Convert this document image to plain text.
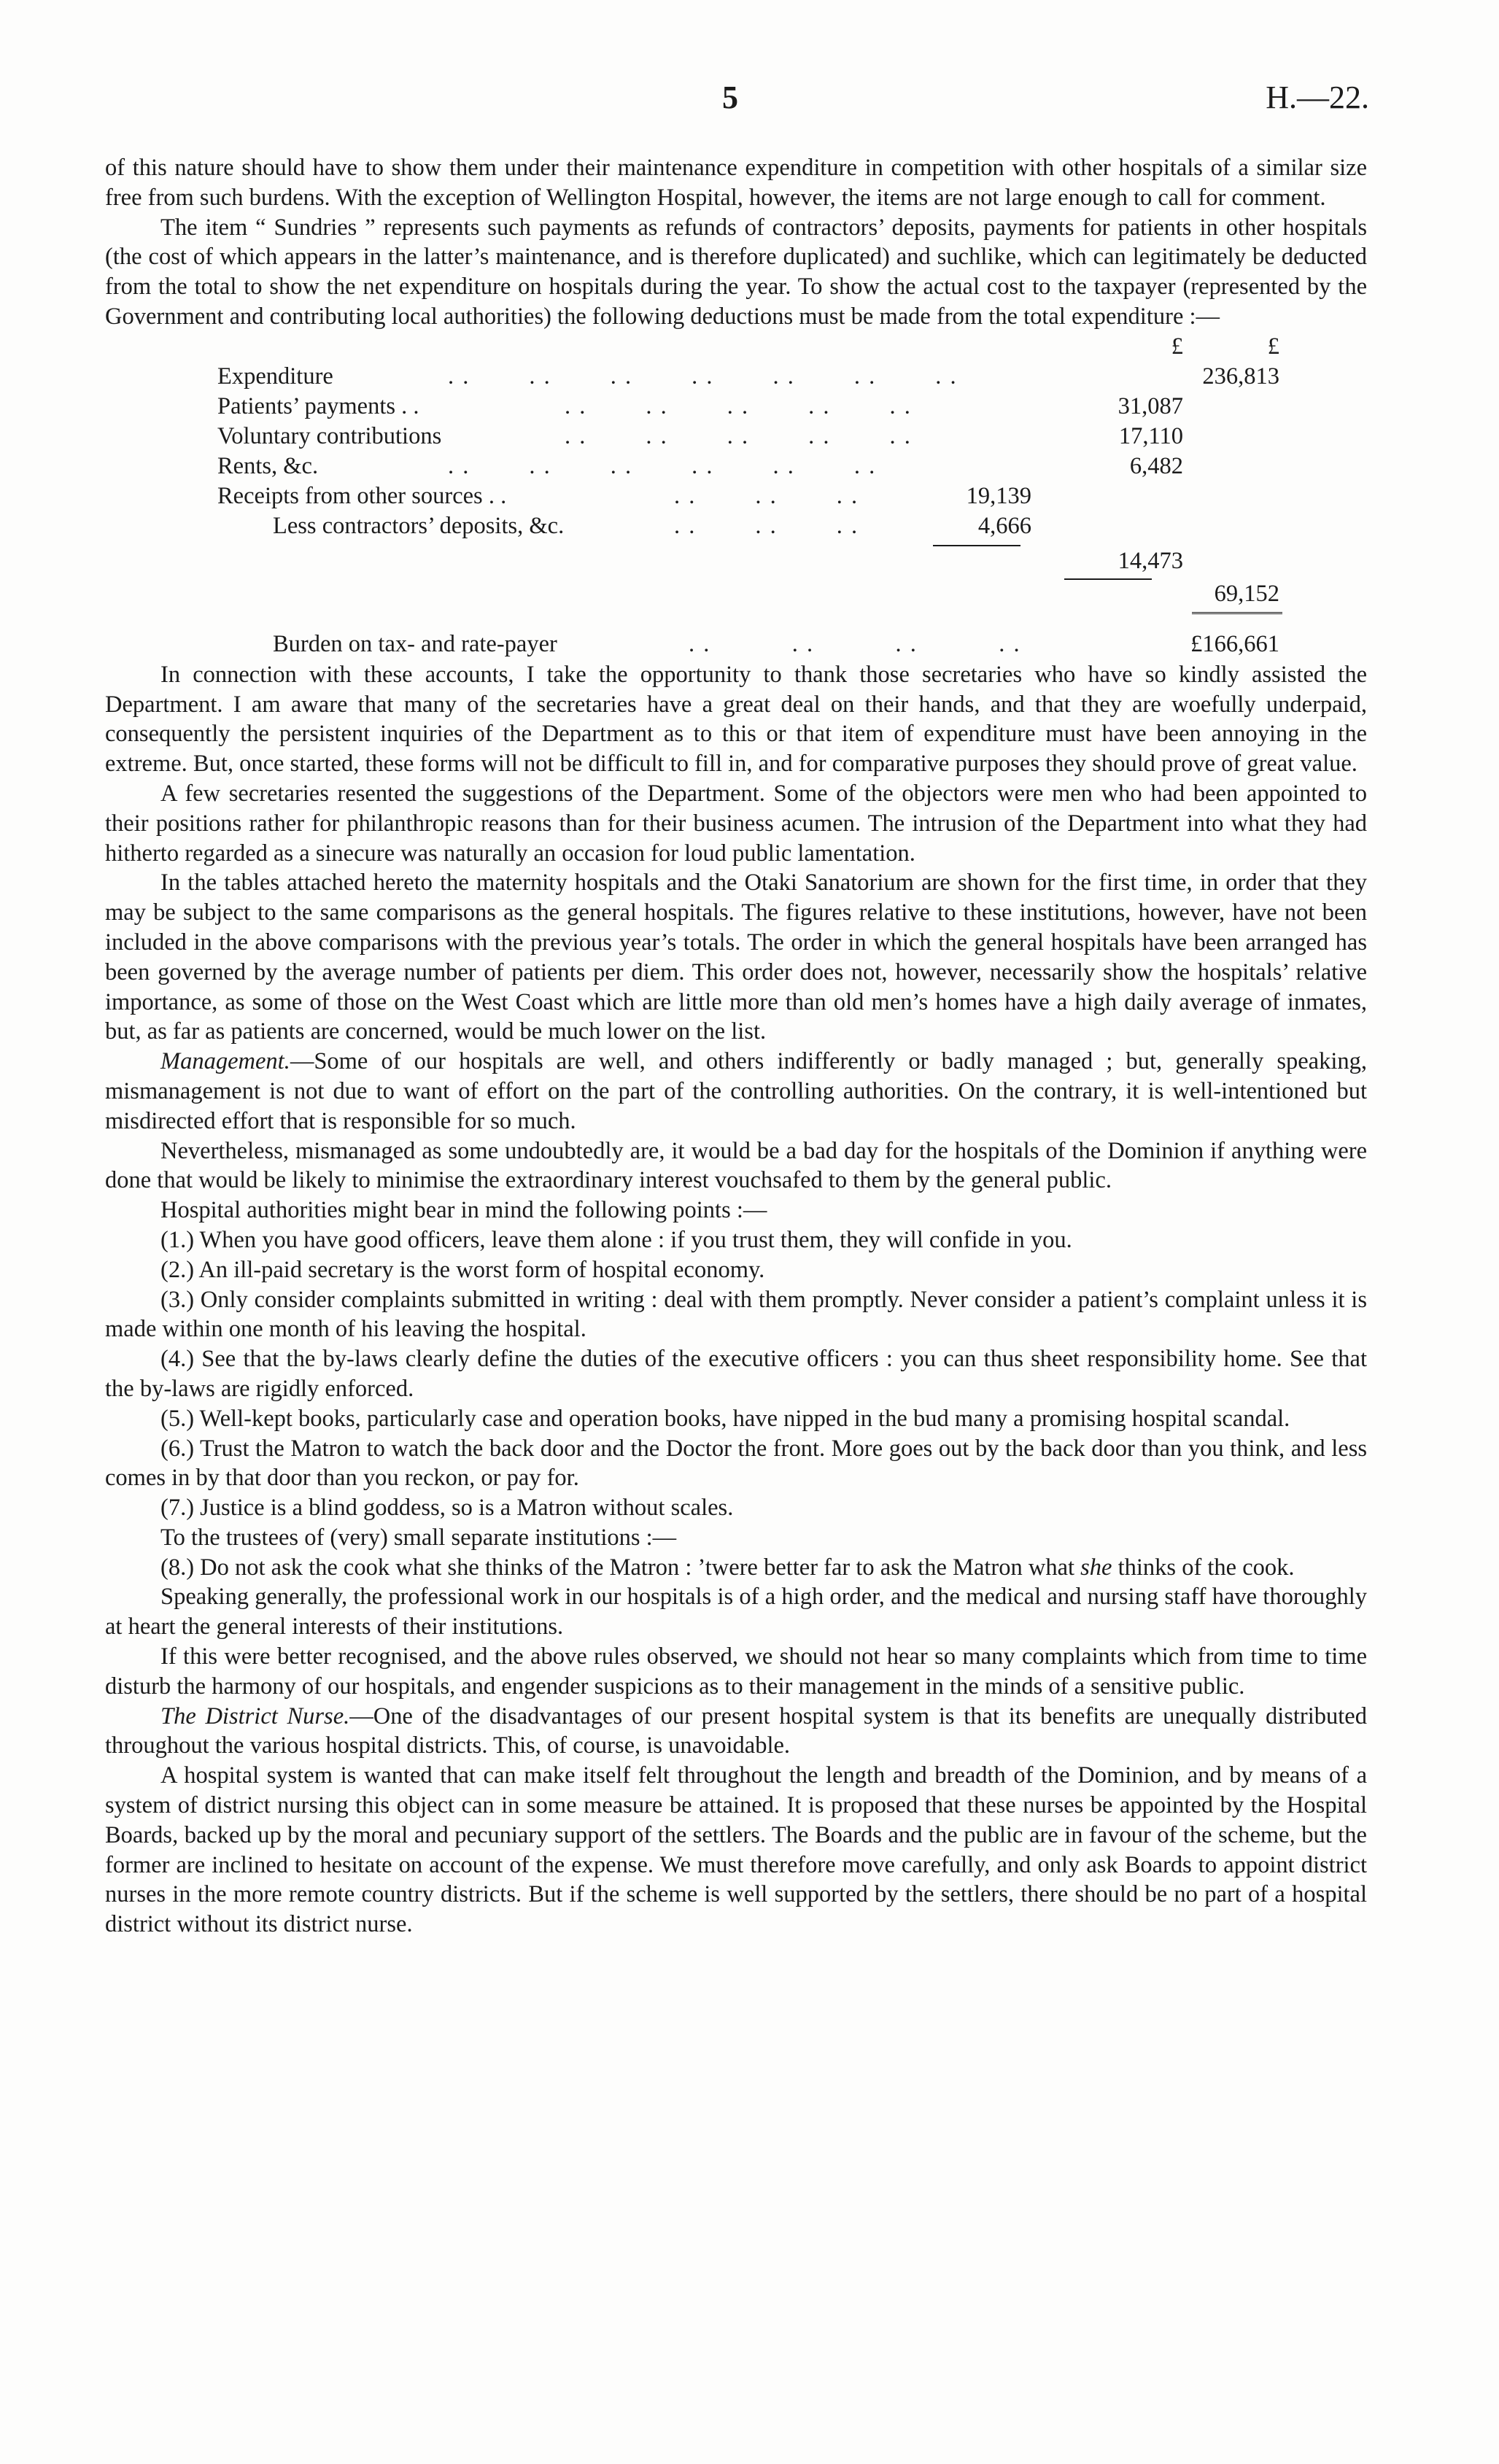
5	H.—22.

of this nature should have to show them under their maintenance expenditure in competition with other hospitals of a similar size free from such burdens. With the exception of Wellington Hospital, however, the items are not large enough to call for comment.

The item “ Sundries ” represents such payments as refunds of contractors’ deposits, payments for patients in other hospitals (the cost of which appears in the latter’s maintenance, and is therefore duplicated) and suchlike, which can legitimately be deducted from the total to show the net expenditure on hospitals during the year. To show the actual cost to the taxpayer (represented by the Government and contributing local authorities) the following deductions must be made from the total expenditure :—

£	£
Expenditure	. .        . .        . .        . .        . .        . .        . .	236,813
Patients’ payments . .	. .        . .        . .        . .        . .	31,087
Voluntary contributions	. .        . .        . .        . .        . .	17,110
Rents, &c.	. .        . .        . .        . .        . .        . .	6,482
Receipts from other sources . .	. .        . .        . .	19,139
Less contractors’ deposits, &c.	. .        . .        . .	4,666
14,473
69,152
Burden on tax- and rate-payer	. .           . .           . .           . .	£166,661

In connection with these accounts, I take the opportunity to thank those secretaries who have so kindly assisted the Department. I am aware that many of the secretaries have a great deal on their hands, and that they are woefully underpaid, consequently the persistent inquiries of the Department as to this or that item of expenditure must have been annoying in the extreme. But, once started, these forms will not be difficult to fill in, and for comparative purposes they should prove of great value.

A few secretaries resented the suggestions of the Department. Some of the objectors were men who had been appointed to their positions rather for philanthropic reasons than for their business acumen. The intrusion of the Department into what they had hitherto regarded as a sinecure was naturally an occasion for loud public lamentation.

In the tables attached hereto the maternity hospitals and the Otaki Sanatorium are shown for the first time, in order that they may be subject to the same comparisons as the general hospitals. The figures relative to these institutions, however, have not been included in the above comparisons with the previous year’s totals. The order in which the general hospitals have been arranged has been governed by the average number of patients per diem. This order does not, however, necessarily show the hospitals’ relative importance, as some of those on the West Coast which are little more than old men’s homes have a high daily average of inmates, but, as far as patients are concerned, would be much lower on the list.

Management.—Some of our hospitals are well, and others indifferently or badly managed ; but, generally speaking, mismanagement is not due to want of effort on the part of the controlling authorities. On the contrary, it is well-intentioned but misdirected effort that is responsible for so much.

Nevertheless, mismanaged as some undoubtedly are, it would be a bad day for the hospitals of the Dominion if anything were done that would be likely to minimise the extraordinary interest vouchsafed to them by the general public.

Hospital authorities might bear in mind the following points :—

(1.) When you have good officers, leave them alone : if you trust them, they will confide in you.

(2.) An ill-paid secretary is the worst form of hospital economy.

(3.) Only consider complaints submitted in writing : deal with them promptly. Never consider a patient’s complaint unless it is made within one month of his leaving the hospital.

(4.) See that the by-laws clearly define the duties of the executive officers : you can thus sheet responsibility home. See that the by-laws are rigidly enforced.

(5.) Well-kept books, particularly case and operation books, have nipped in the bud many a promising hospital scandal.

(6.) Trust the Matron to watch the back door and the Doctor the front. More goes out by the back door than you think, and less comes in by that door than you reckon, or pay for.

(7.) Justice is a blind goddess, so is a Matron without scales.

To the trustees of (very) small separate institutions :—

(8.) Do not ask the cook what she thinks of the Matron : ’twere better far to ask the Matron what she thinks of the cook.

Speaking generally, the professional work in our hospitals is of a high order, and the medical and nursing staff have thoroughly at heart the general interests of their institutions.

If this were better recognised, and the above rules observed, we should not hear so many complaints which from time to time disturb the harmony of our hospitals, and engender suspicions as to their management in the minds of a sensitive public.

The District Nurse.—One of the disadvantages of our present hospital system is that its benefits are unequally distributed throughout the various hospital districts. This, of course, is unavoidable.

A hospital system is wanted that can make itself felt throughout the length and breadth of the Dominion, and by means of a system of district nursing this object can in some measure be attained. It is proposed that these nurses be appointed by the Hospital Boards, backed up by the moral and pecuniary support of the settlers. The Boards and the public are in favour of the scheme, but the former are inclined to hesitate on account of the expense. We must therefore move carefully, and only ask Boards to appoint district nurses in the more remote country districts. But if the scheme is well supported by the settlers, there should be no part of a hospital district without its district nurse.
